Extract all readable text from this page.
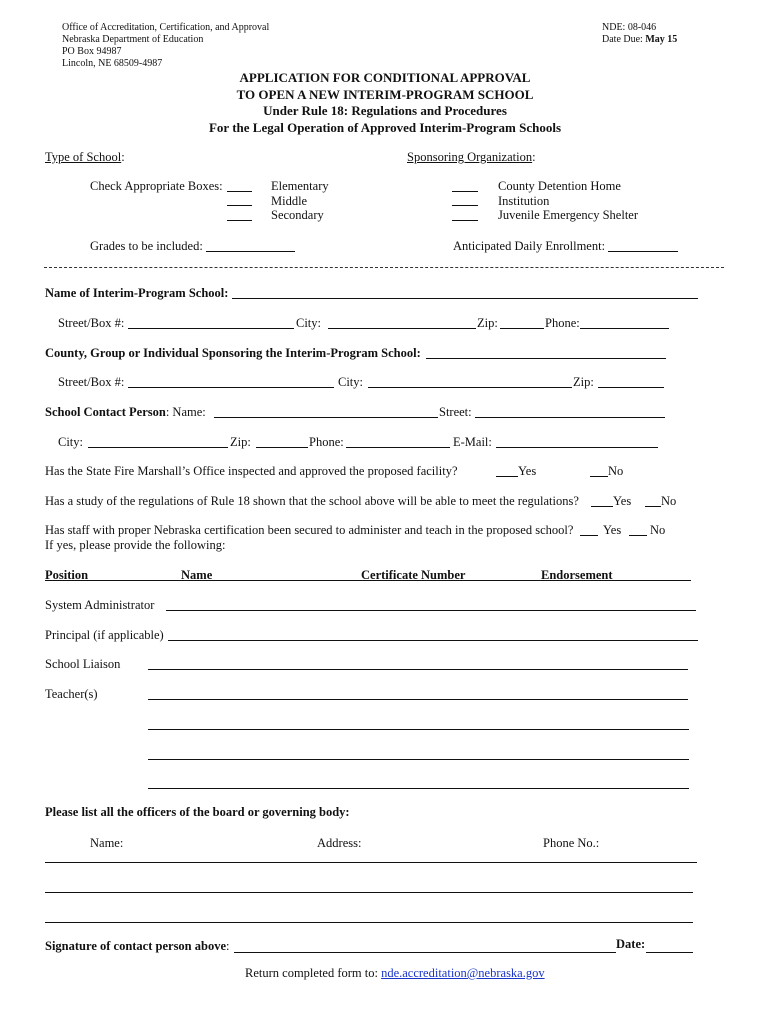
Office of Accreditation, Certification, and Approval
Nebraska Department of Education
PO Box 94987
Lincoln, NE 68509-4987
NDE: 08-046
Date Due: May 15
APPLICATION FOR CONDITIONAL APPROVAL
TO OPEN A NEW INTERIM-PROGRAM SCHOOL
Under Rule 18: Regulations and Procedures
For the Legal Operation of Approved Interim-Program Schools
Type of School:
Check Appropriate Boxes:	Elementary
Middle
Secondary
Grades to be included:
Sponsoring Organization:
County Detention Home
Institution
Juvenile Emergency Shelter
Anticipated Daily Enrollment:
Name of Interim-Program School:
Street/Box #:	City:	Zip:	Phone:
County, Group or Individual Sponsoring the Interim-Program School:
Street/Box #:	City:	Zip:
School Contact Person: Name:	Street:
City:	Zip:	Phone:	E-Mail:
Has the State Fire Marshall’s Office inspected and approved the proposed facility?	Yes	No
Has a study of the regulations of Rule 18 shown that the school above will be able to meet the regulations?	Yes No
Has staff with proper Nebraska certification been secured to administer and teach in the proposed school? Yes No
If yes, please provide the following:
Position	Name	Certificate Number	Endorsement
System Administrator
Principal (if applicable)
School Liaison
Teacher(s)
Please list all the officers of the board or governing body:
Name:	Address:	Phone No.:
Signature of contact person above:	Date:
Return completed form to: nde.accreditation@nebraska.gov
